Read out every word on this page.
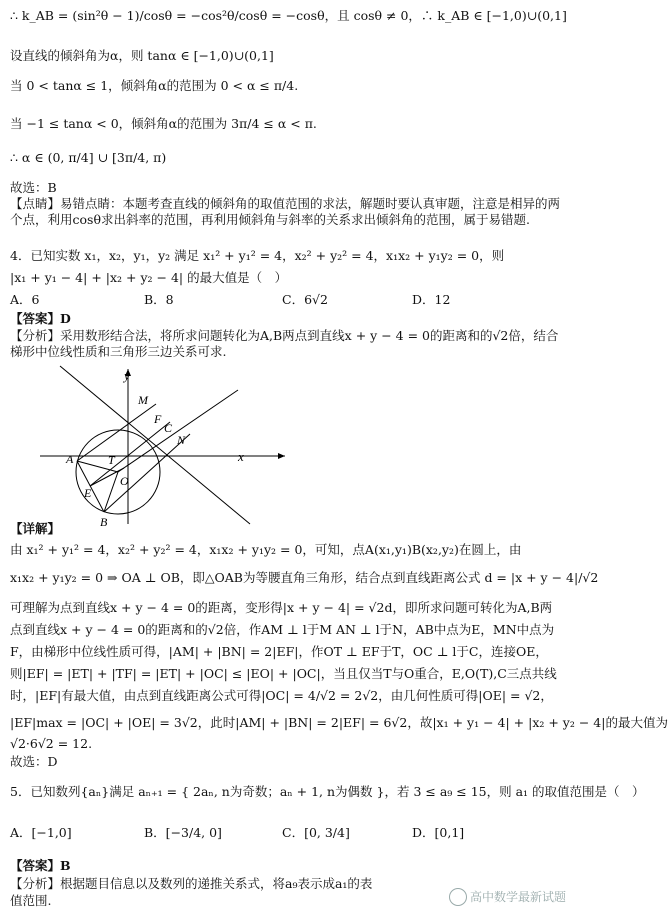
∴ k_AB = (sin²θ − 1)/cosθ = −cos²θ/cosθ = −cosθ，且 cosθ ≠ 0，∴ k_AB ∈ [−1,0)∪(0,1]
设直线的倾斜角为α，则 tanα ∈ [−1,0)∪(0,1]
当 0 < tanα ≤ 1，倾斜角α的范围为 0 < α ≤ π/4.
当 −1 ≤ tanα < 0，倾斜角α的范围为 3π/4 ≤ α < π.
∴ α ∈ (0, π/4] ∪ [3π/4, π)
故选：B
【点睛】易错点睛：本题考查直线的倾斜角的取值范围的求法，解题时要认真审题，注意是相异的两个点，利用cosθ求出斜率的范围，再利用倾斜角与斜率的关系求出倾斜角的范围，属于易错题.
4．已知实数 x₁，x₂，y₁，y₂ 满足 x₁² + y₁² = 4，x₂² + y₂² = 4，x₁x₂ + y₁y₂ = 0，则
|x₁ + y₁ − 4| + |x₂ + y₂ − 4| 的最大值是（　）
A．6	B．8	C．6√2	D．12
【答案】D
【分析】采用数形结合法，将所求问题转化为A,B两点到直线x + y − 4 = 0的距离和的√2倍，结合梯形中位线性质和三角形三边关系可求.
x
y
M
F
C
N
A	T
O
E
B
【详解】
由 x₁² + y₁² = 4，x₂² + y₂² = 4，x₁x₂ + y₁y₂ = 0，可知，点A(x₁,y₁)B(x₂,y₂)在圆上，由
x₁x₂ + y₁y₂ = 0 ⇒ OA ⊥ OB，即△OAB为等腰直角三角形，结合点到直线距离公式 d = |x + y − 4|/√2
可理解为点到直线x + y − 4 = 0的距离，变形得|x + y − 4| = √2d，即所求问题可转化为A,B两点到直线x + y − 4 = 0的距离和的√2倍，作AM ⊥ l于M AN ⊥ l于N，AB中点为E，MN中点为F，由梯形中位线性质可得，|AM| + |BN| = 2|EF|，作OT ⊥ EF于T，OC ⊥ l于C，连接OE，则|EF| = |ET| + |TF| = |ET| + |OC| ≤ |EO| + |OC|，当且仅当T与O重合，E,O(T),C三点共线时，|EF|有最大值，由点到直线距离公式可得|OC| = 4/√2 = 2√2，由几何性质可得|OE| = √2，
|EF|max = |OC| + |OE| = 3√2，此时|AM| + |BN| = 2|EF| = 6√2，故|x₁ + y₁ − 4| + |x₂ + y₂ − 4|的最大值为
√2·6√2 = 12.
故选：D
5．已知数列{aₙ}满足 aₙ₊₁ = { 2aₙ, n为奇数；aₙ + 1, n为偶数 }，若 3 ≤ a₉ ≤ 15，则 a₁ 的取值范围是（　）
A．[−1,0]	B．[−3/4, 0]	C．[0, 3/4]	D．[0,1]
【答案】B
【分析】根据题目信息以及数列的递推关系式，将a₉表示成a₁的表
值范围.	高中数学最新试题
